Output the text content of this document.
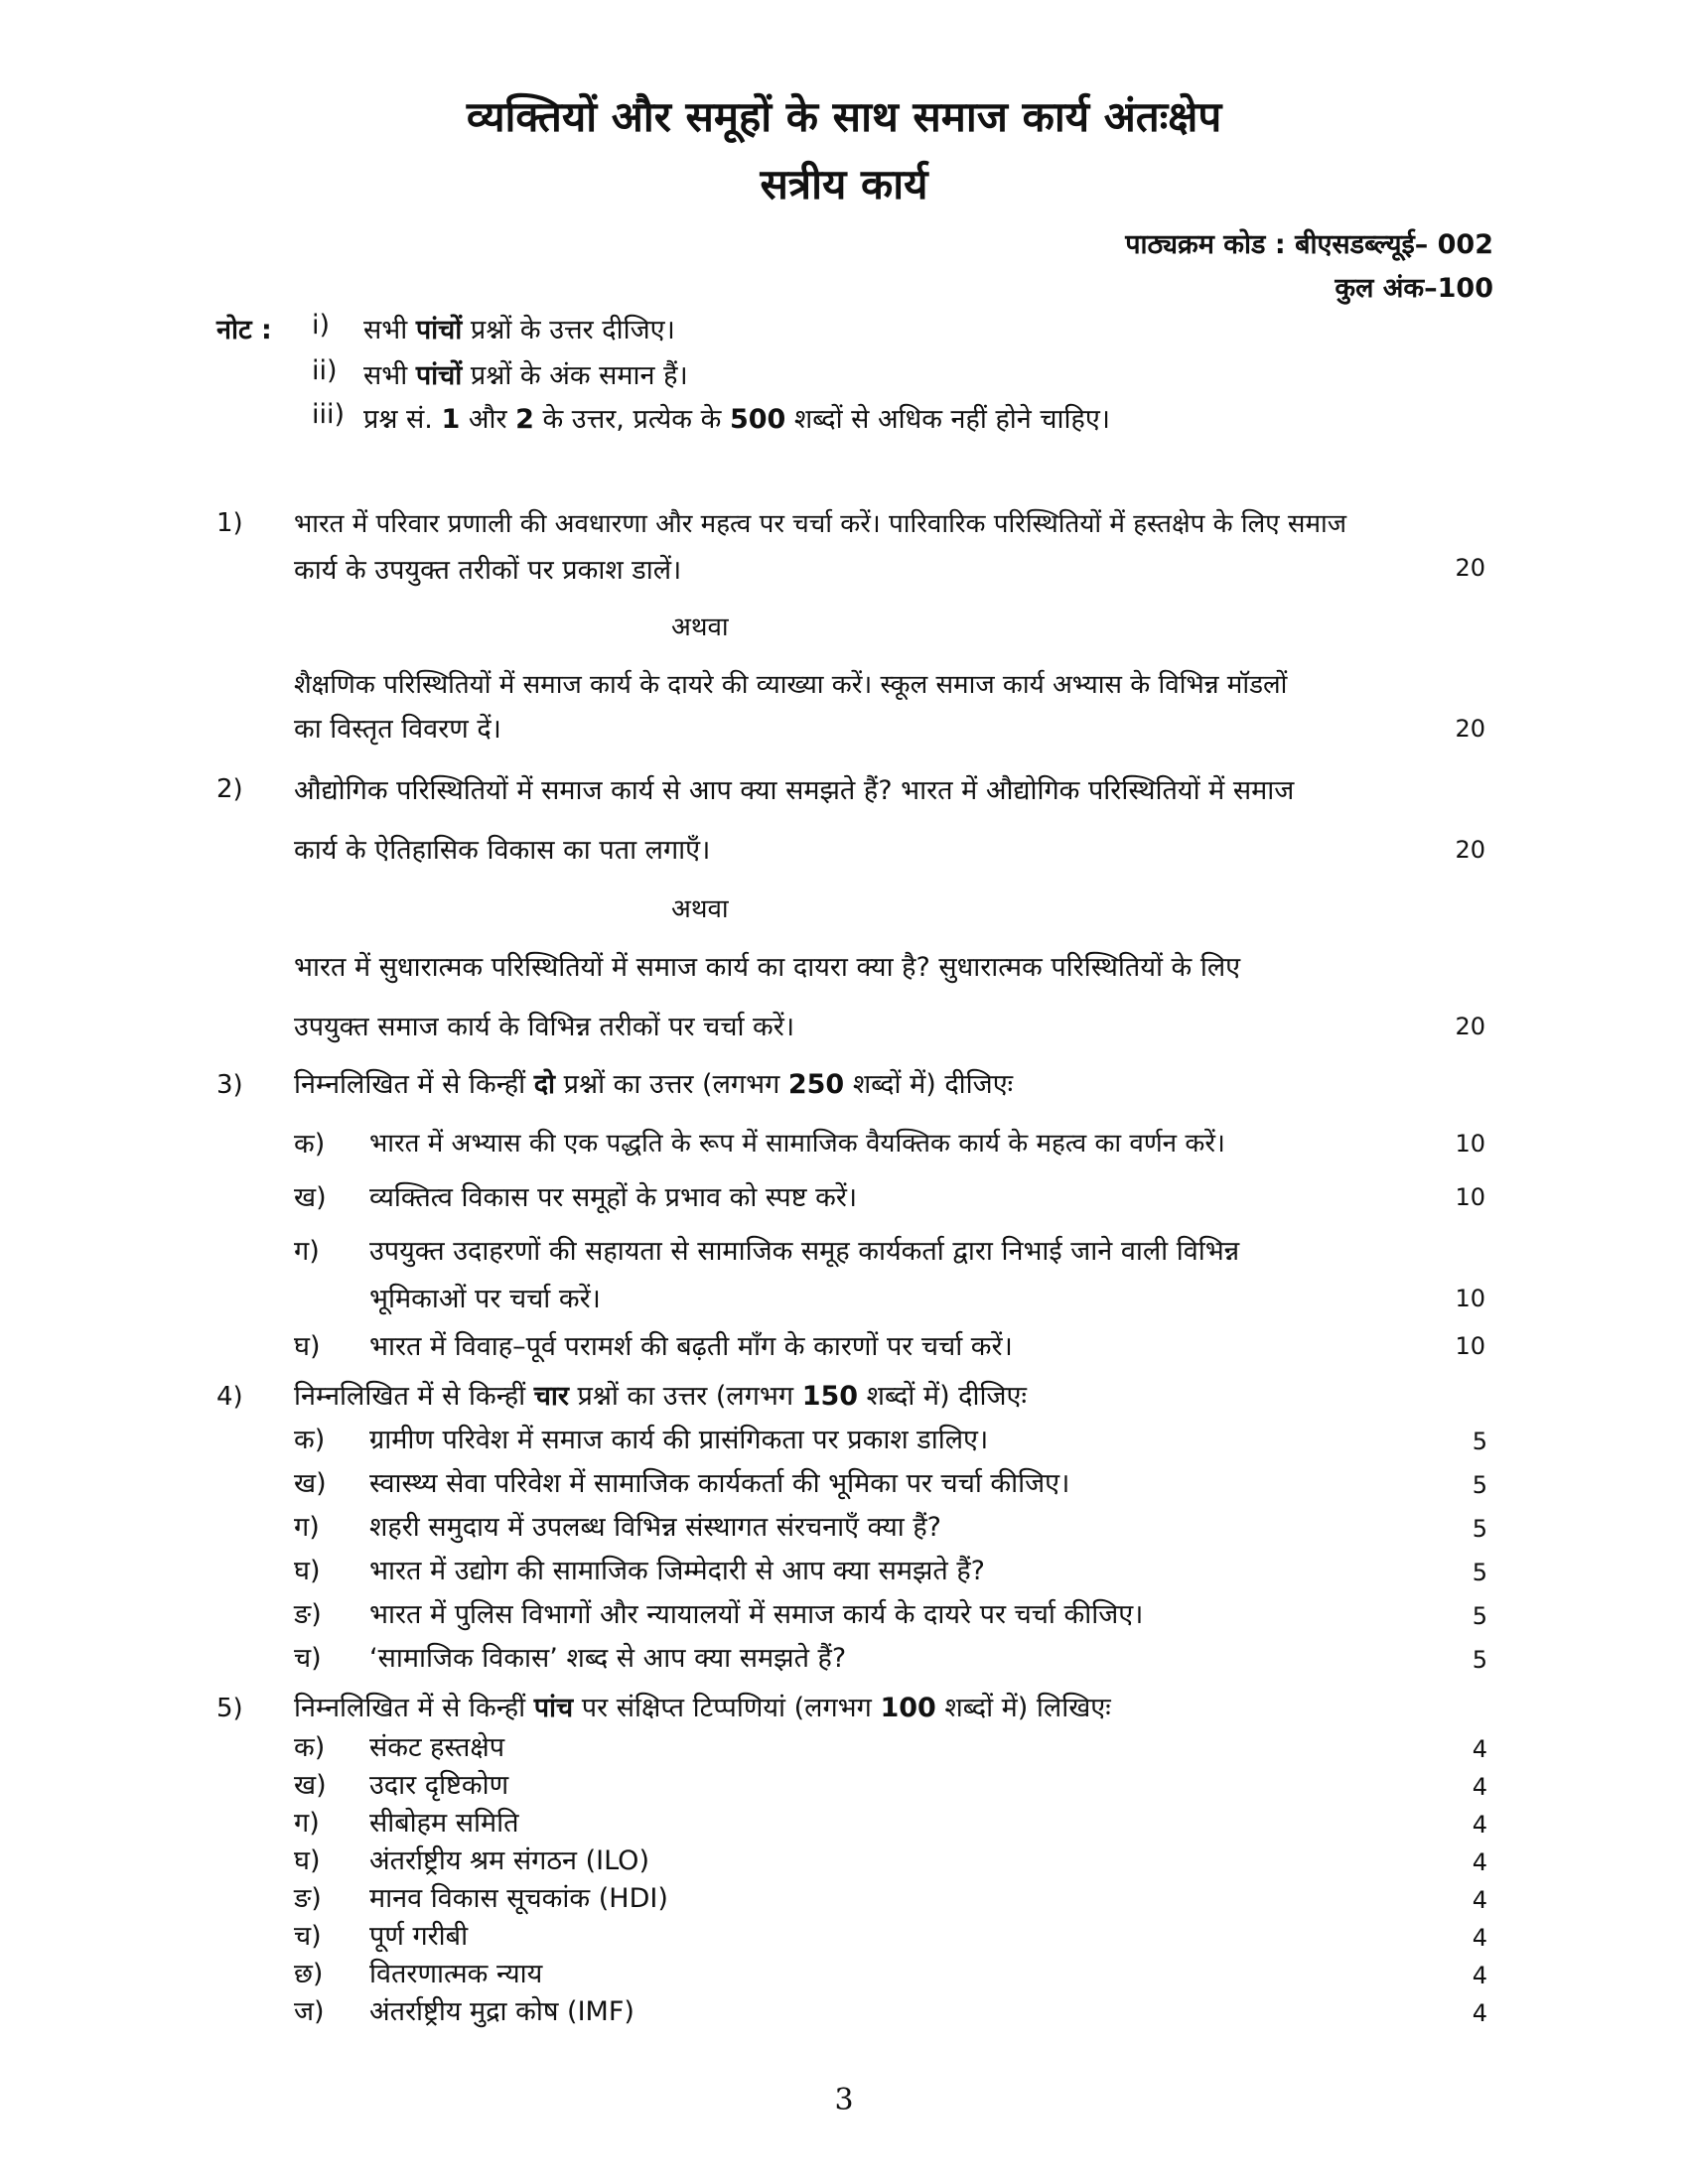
व्यक्तियों और समूहों के साथ समाज कार्य अंतःक्षेप
सत्रीय कार्य
पाठ्यक्रम कोड : बीएसडब्ल्यूई– 002
कुल अंक–100
नोट : i) सभी पांचों प्रश्नों के उत्तर दीजिए।
ii) सभी पांचों प्रश्नों के अंक समान हैं।
iii) प्रश्न सं. 1 और 2 के उत्तर, प्रत्येक के 500 शब्दों से अधिक नहीं होने चाहिए।
1) भारत में परिवार प्रणाली की अवधारणा और महत्व पर चर्चा करें। पारिवारिक परिस्थितियों में हस्तक्षेप के लिए समाज
कार्य के उपयुक्त तरीकों पर प्रकाश डालें।	20
अथवा
शैक्षणिक परिस्थितियों में समाज कार्य के दायरे की व्याख्या करें। स्कूल समाज कार्य अभ्यास के विभिन्न मॉडलों
का विस्तृत विवरण दें।	20
2) औद्योगिक परिस्थितियों में समाज कार्य से आप क्या समझते हैं? भारत में औद्योगिक परिस्थितियों में समाज
कार्य के ऐतिहासिक विकास का पता लगाएँ।	20
अथवा
भारत में सुधारात्मक परिस्थितियों में समाज कार्य का दायरा क्या है? सुधारात्मक परिस्थितियों के लिए
उपयुक्त समाज कार्य के विभिन्न तरीकों पर चर्चा करें।	20
3) निम्नलिखित में से किन्हीं दो प्रश्नों का उत्तर (लगभग 250 शब्दों में) दीजिएः
क) भारत में अभ्यास की एक पद्धति के रूप में सामाजिक वैयक्तिक कार्य के महत्व का वर्णन करें।	10
ख) व्यक्तित्व विकास पर समूहों के प्रभाव को स्पष्ट करें।	10
ग) उपयुक्त उदाहरणों की सहायता से सामाजिक समूह कार्यकर्ता द्वारा निभाई जाने वाली विभिन्न
भूमिकाओं पर चर्चा करें।	10
घ) भारत में विवाह–पूर्व परामर्श की बढ़ती माँग के कारणों पर चर्चा करें।	10
4) निम्नलिखित में से किन्हीं चार प्रश्नों का उत्तर (लगभग 150 शब्दों में) दीजिएः
क) ग्रामीण परिवेश में समाज कार्य की प्रासंगिकता पर प्रकाश डालिए।	5
ख) स्वास्थ्य सेवा परिवेश में सामाजिक कार्यकर्ता की भूमिका पर चर्चा कीजिए।	5
ग) शहरी समुदाय में उपलब्ध विभिन्न संस्थागत संरचनाएँ क्या हैं?	5
घ) भारत में उद्योग की सामाजिक जिम्मेदारी से आप क्या समझते हैं?	5
ङ) भारत में पुलिस विभागों और न्यायालयों में समाज कार्य के दायरे पर चर्चा कीजिए।	5
च) ‘सामाजिक विकास’ शब्द से आप क्या समझते हैं?	5
5) निम्नलिखित में से किन्हीं पांच पर संक्षिप्त टिप्पणियां (लगभग 100 शब्दों में) लिखिएः
क) संकट हस्तक्षेप	4
ख) उदार दृष्टिकोण	4
ग) सीबोहम समिति	4
घ) अंतर्राष्ट्रीय श्रम संगठन (ILO)	4
ङ) मानव विकास सूचकांक (HDI)	4
च) पूर्ण गरीबी	4
छ) वितरणात्मक न्याय	4
ज) अंतर्राष्ट्रीय मुद्रा कोष (IMF)	4
3
